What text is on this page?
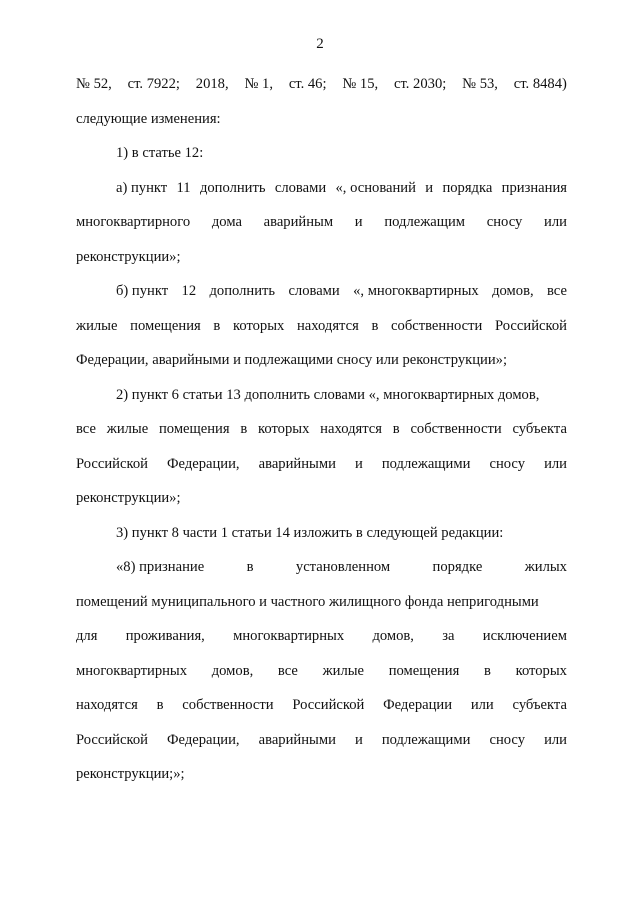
2
№ 52, ст. 7922; 2018, № 1, ст. 46; № 15, ст. 2030; № 53, ст. 8484)
следующие изменения:
1) в статье 12:
а) пункт 11 дополнить словами «, оснований и порядка признания
многоквартирного дома аварийным и подлежащим сносу или
реконструкции»;
б) пункт 12 дополнить словами «, многоквартирных домов, все
жилые помещения в которых находятся в собственности Российской
Федерации, аварийными и подлежащими сносу или реконструкции»;
2) пункт 6 статьи 13 дополнить словами «, многоквартирных домов,
все жилые помещения в которых находятся в собственности субъекта
Российской Федерации, аварийными и подлежащими сносу или
реконструкции»;
3) пункт 8 части 1 статьи 14 изложить в следующей редакции:
«8) признание	в	установленном	порядке	жилых
помещений муниципального и частного жилищного фонда непригодными
для проживания, многоквартирных домов, за исключением
многоквартирных домов, все жилые помещения в которых
находятся в собственности Российской Федерации или субъекта
Российской Федерации, аварийными и подлежащими сносу или
реконструкции;»;
